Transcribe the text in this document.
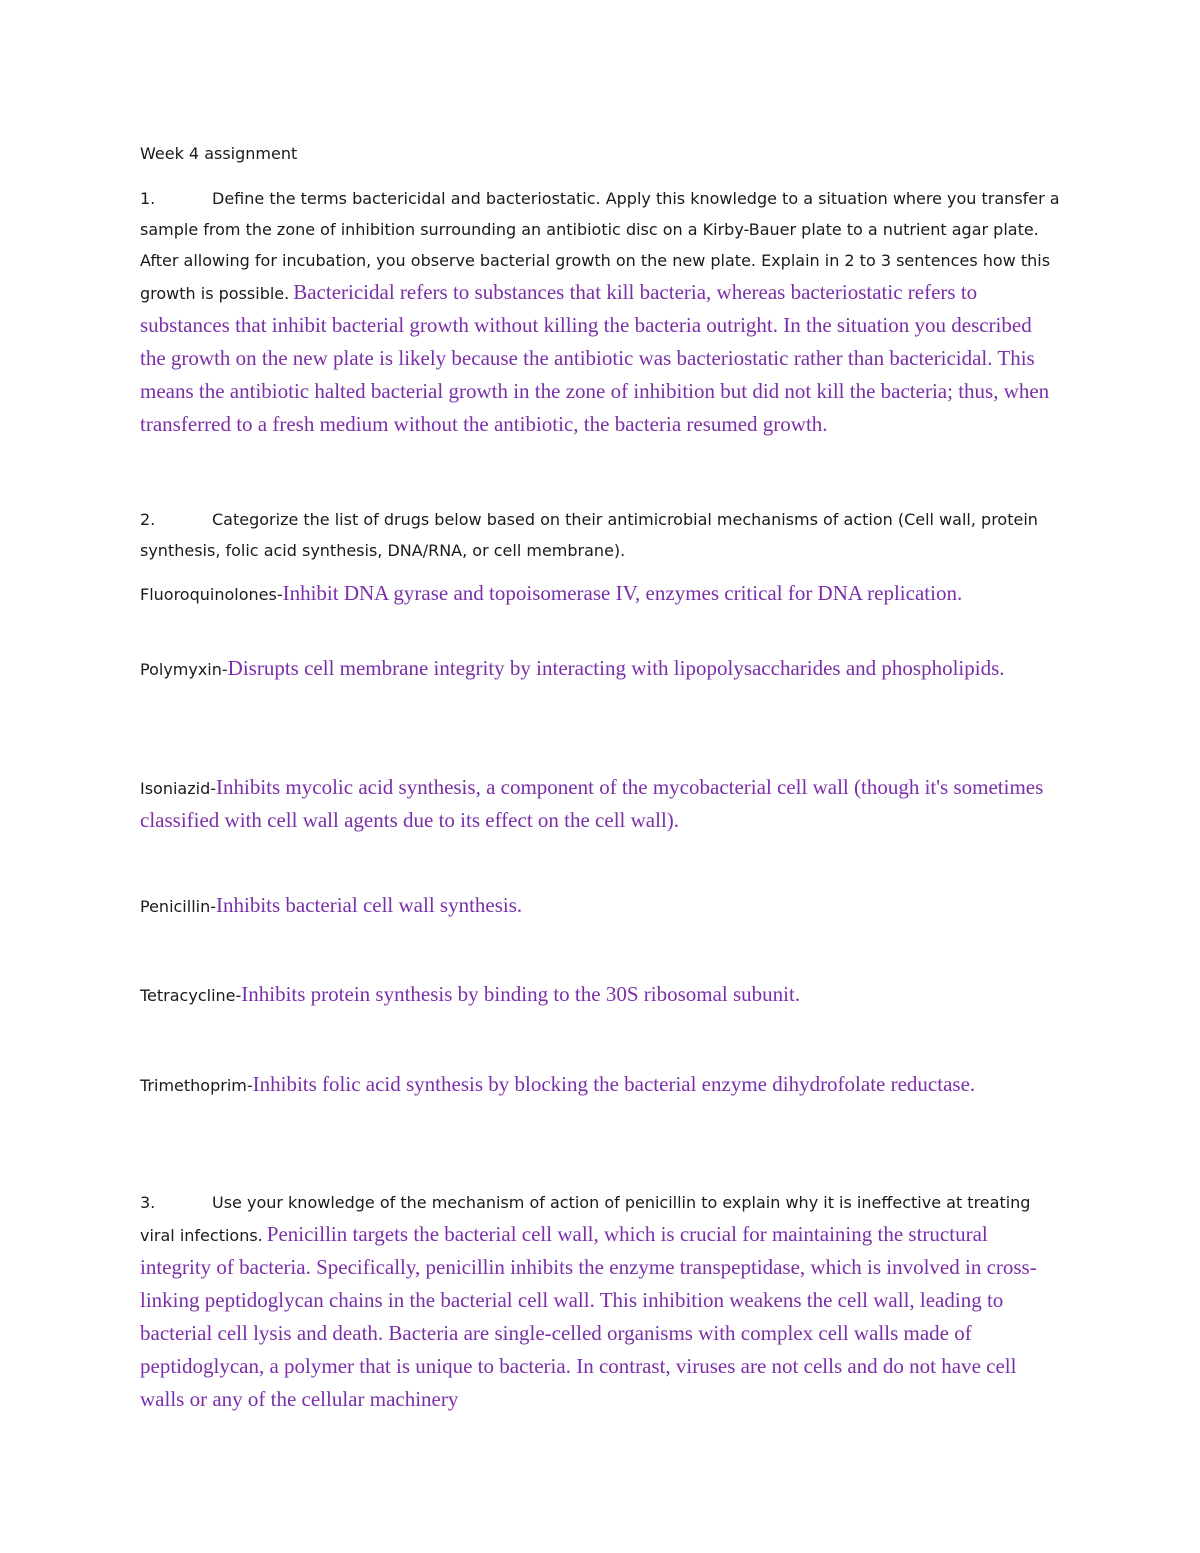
Week 4 assignment
1.	Define the terms bactericidal and bacteriostatic. Apply this knowledge to a situation where you transfer a sample from the zone of inhibition surrounding an antibiotic disc on a Kirby-Bauer plate to a nutrient agar plate. After allowing for incubation, you observe bacterial growth on the new plate. Explain in 2 to 3 sentences how this growth is possible. Bactericidal refers to substances that kill bacteria, whereas bacteriostatic refers to substances that inhibit bacterial growth without killing the bacteria outright. In the situation you described the growth on the new plate is likely because the antibiotic was bacteriostatic rather than bactericidal. This means the antibiotic halted bacterial growth in the zone of inhibition but did not kill the bacteria; thus, when transferred to a fresh medium without the antibiotic, the bacteria resumed growth.
2.	Categorize the list of drugs below based on their antimicrobial mechanisms of action (Cell wall, protein synthesis, folic acid synthesis, DNA/RNA, or cell membrane).
Fluoroquinolones-Inhibit DNA gyrase and topoisomerase IV, enzymes critical for DNA replication.
Polymyxin-Disrupts cell membrane integrity by interacting with lipopolysaccharides and phospholipids.
Isoniazid-Inhibits mycolic acid synthesis, a component of the mycobacterial cell wall (though it's sometimes classified with cell wall agents due to its effect on the cell wall).
Penicillin-Inhibits bacterial cell wall synthesis.
Tetracycline-Inhibits protein synthesis by binding to the 30S ribosomal subunit.
Trimethoprim-Inhibits folic acid synthesis by blocking the bacterial enzyme dihydrofolate reductase.
3.	Use your knowledge of the mechanism of action of penicillin to explain why it is ineffective at treating viral infections. Penicillin targets the bacterial cell wall, which is crucial for maintaining the structural integrity of bacteria. Specifically, penicillin inhibits the enzyme transpeptidase, which is involved in cross-linking peptidoglycan chains in the bacterial cell wall. This inhibition weakens the cell wall, leading to bacterial cell lysis and death. Bacteria are single-celled organisms with complex cell walls made of peptidoglycan, a polymer that is unique to bacteria. In contrast, viruses are not cells and do not have cell walls or any of the cellular machinery
